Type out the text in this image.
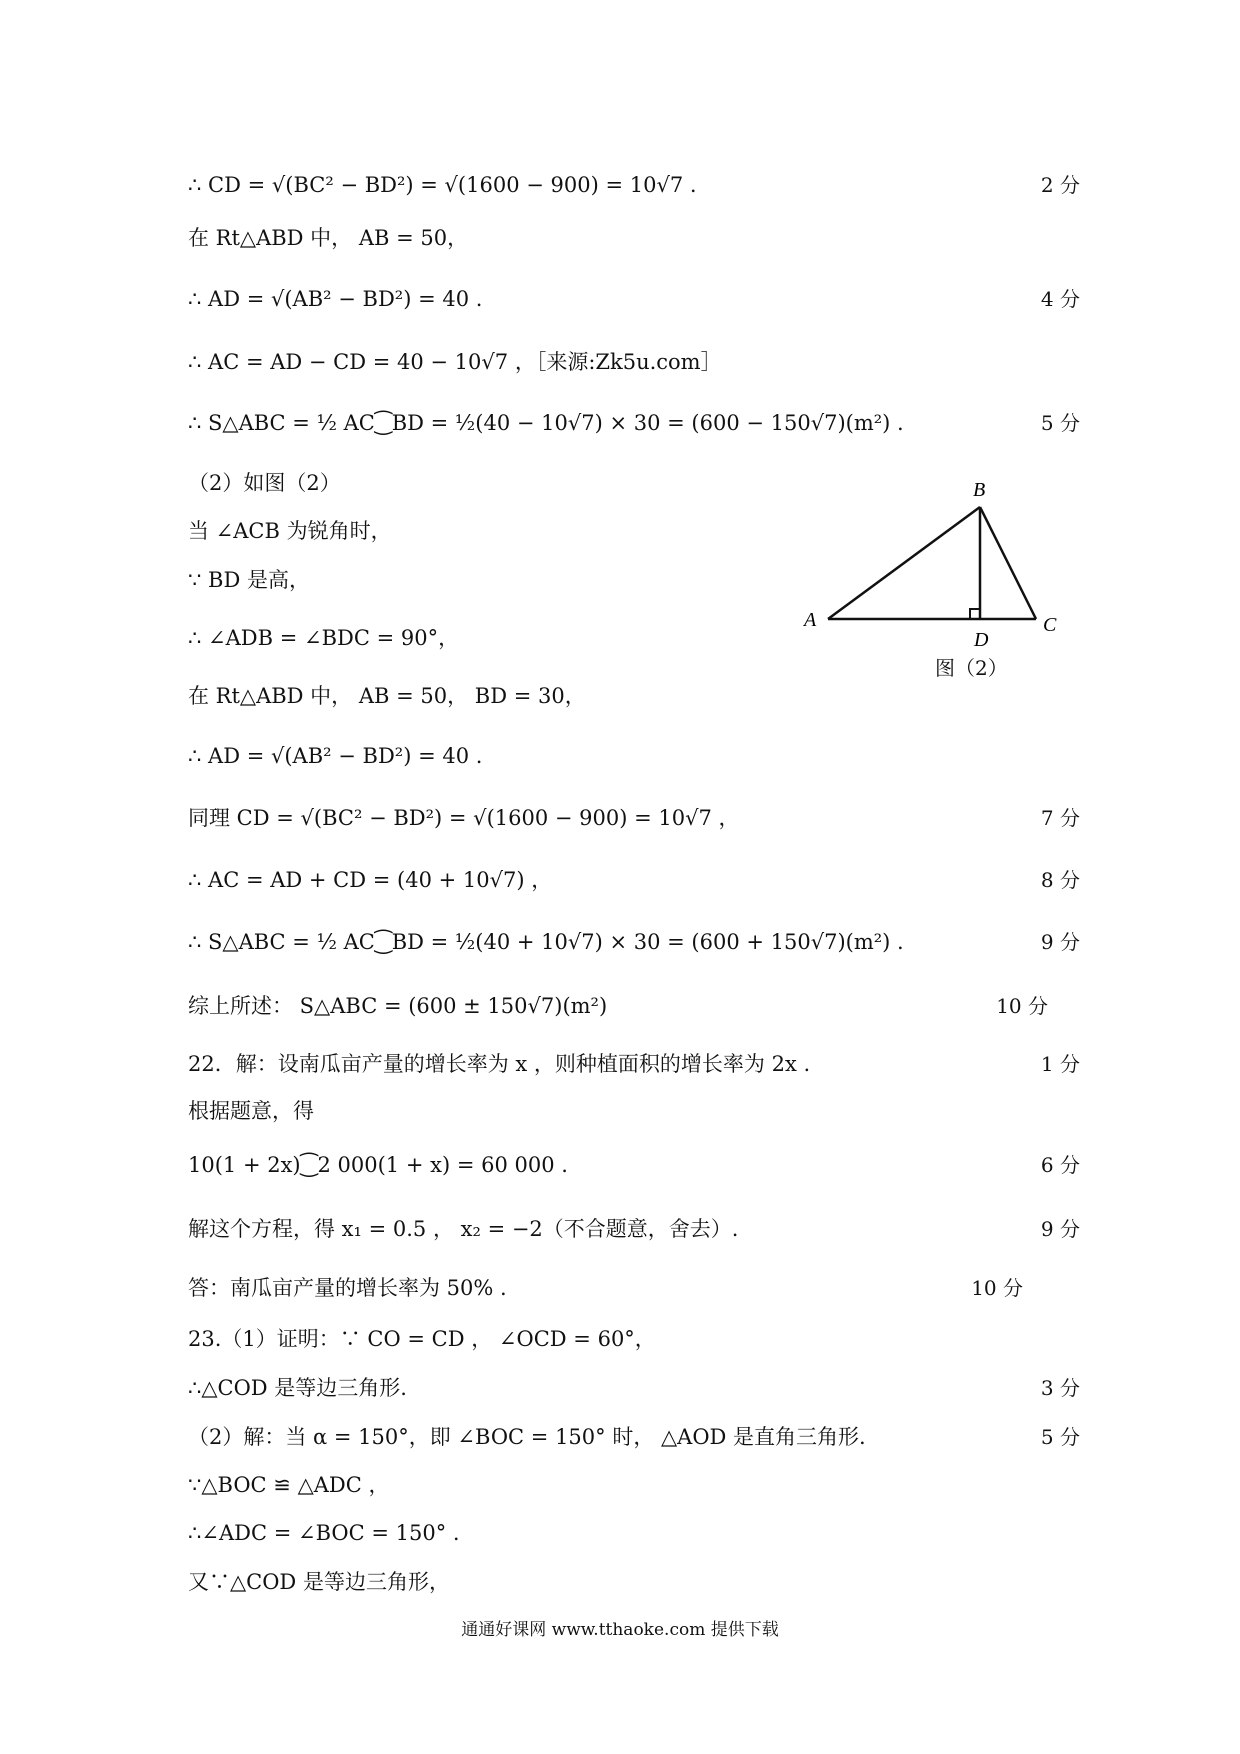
∴ CD = √(BC² − BD²) = √(1600 − 900) = 10√7 .	2 分
在 Rt△ABD 中， AB = 50，
∴ AD = √(AB² − BD²) = 40 .	4 分
∴ AC = AD − CD = 40 − 10√7 ，［来源:Zk5u.com］
∴ S△ABC = ½ AC⁐BD = ½(40 − 10√7) × 30 = (600 − 150√7)(m²) .	5 分
（2）如图（2）
当 ∠ACB 为锐角时，
∵ BD 是高，
∴ ∠ADB = ∠BDC = 90°，
在 Rt△ABD 中， AB = 50， BD = 30，
∴ AD = √(AB² − BD²) = 40 .
同理 CD = √(BC² − BD²) = √(1600 − 900) = 10√7 ，	7 分
∴ AC = AD + CD = (40 + 10√7) ，	8 分
∴ S△ABC = ½ AC⁐BD = ½(40 + 10√7) × 30 = (600 + 150√7)(m²) .	9 分
综上所述： S△ABC = (600 ± 150√7)(m²)	10 分
22．解：设南瓜亩产量的增长率为 x ，则种植面积的增长率为 2x .	1 分
根据题意，得
10(1 + 2x)⁐2 000(1 + x) = 60 000 .	6 分
解这个方程，得 x₁ = 0.5 ， x₂ = −2（不合题意，舍去）.	9 分
答：南瓜亩产量的增长率为 50% .	10 分
23.（1）证明：∵ CO = CD ， ∠OCD = 60°，
∴△COD 是等边三角形.	3 分
（2）解：当 α = 150°，即 ∠BOC = 150° 时， △AOD 是直角三角形.	5 分
∵△BOC ≌ △ADC ，
∴∠ADC = ∠BOC = 150° .
又∵△COD 是等边三角形，
B
A	C
D
图（2）
通通好课网 www.tthaoke.com 提供下载
